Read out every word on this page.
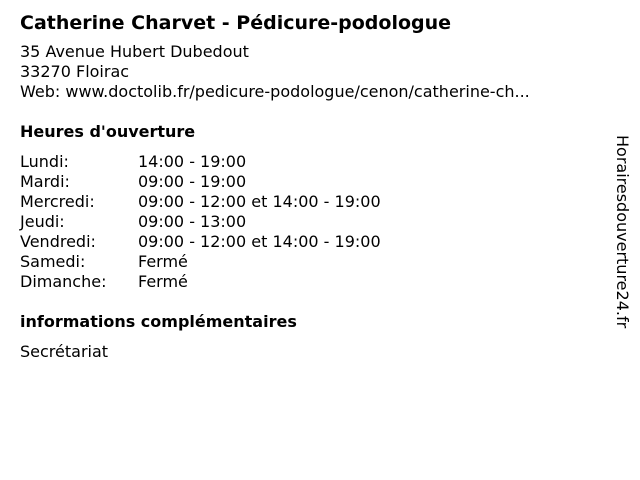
Catherine Charvet - Pédicure-podologue
35 Avenue Hubert Dubedout
33270 Floirac
Web: www.doctolib.fr/pedicure-podologue/cenon/catherine-ch...
Heures d'ouverture
Lundi:	14:00 - 19:00
Mardi:	09:00 - 19:00
Mercredi:	09:00 - 12:00 et 14:00 - 19:00
Jeudi:	09:00 - 13:00
Vendredi:	09:00 - 12:00 et 14:00 - 19:00
Samedi:	Fermé
Dimanche:	Fermé
informations complémentaires
Secrétariat
Horairesdouverture24.fr
